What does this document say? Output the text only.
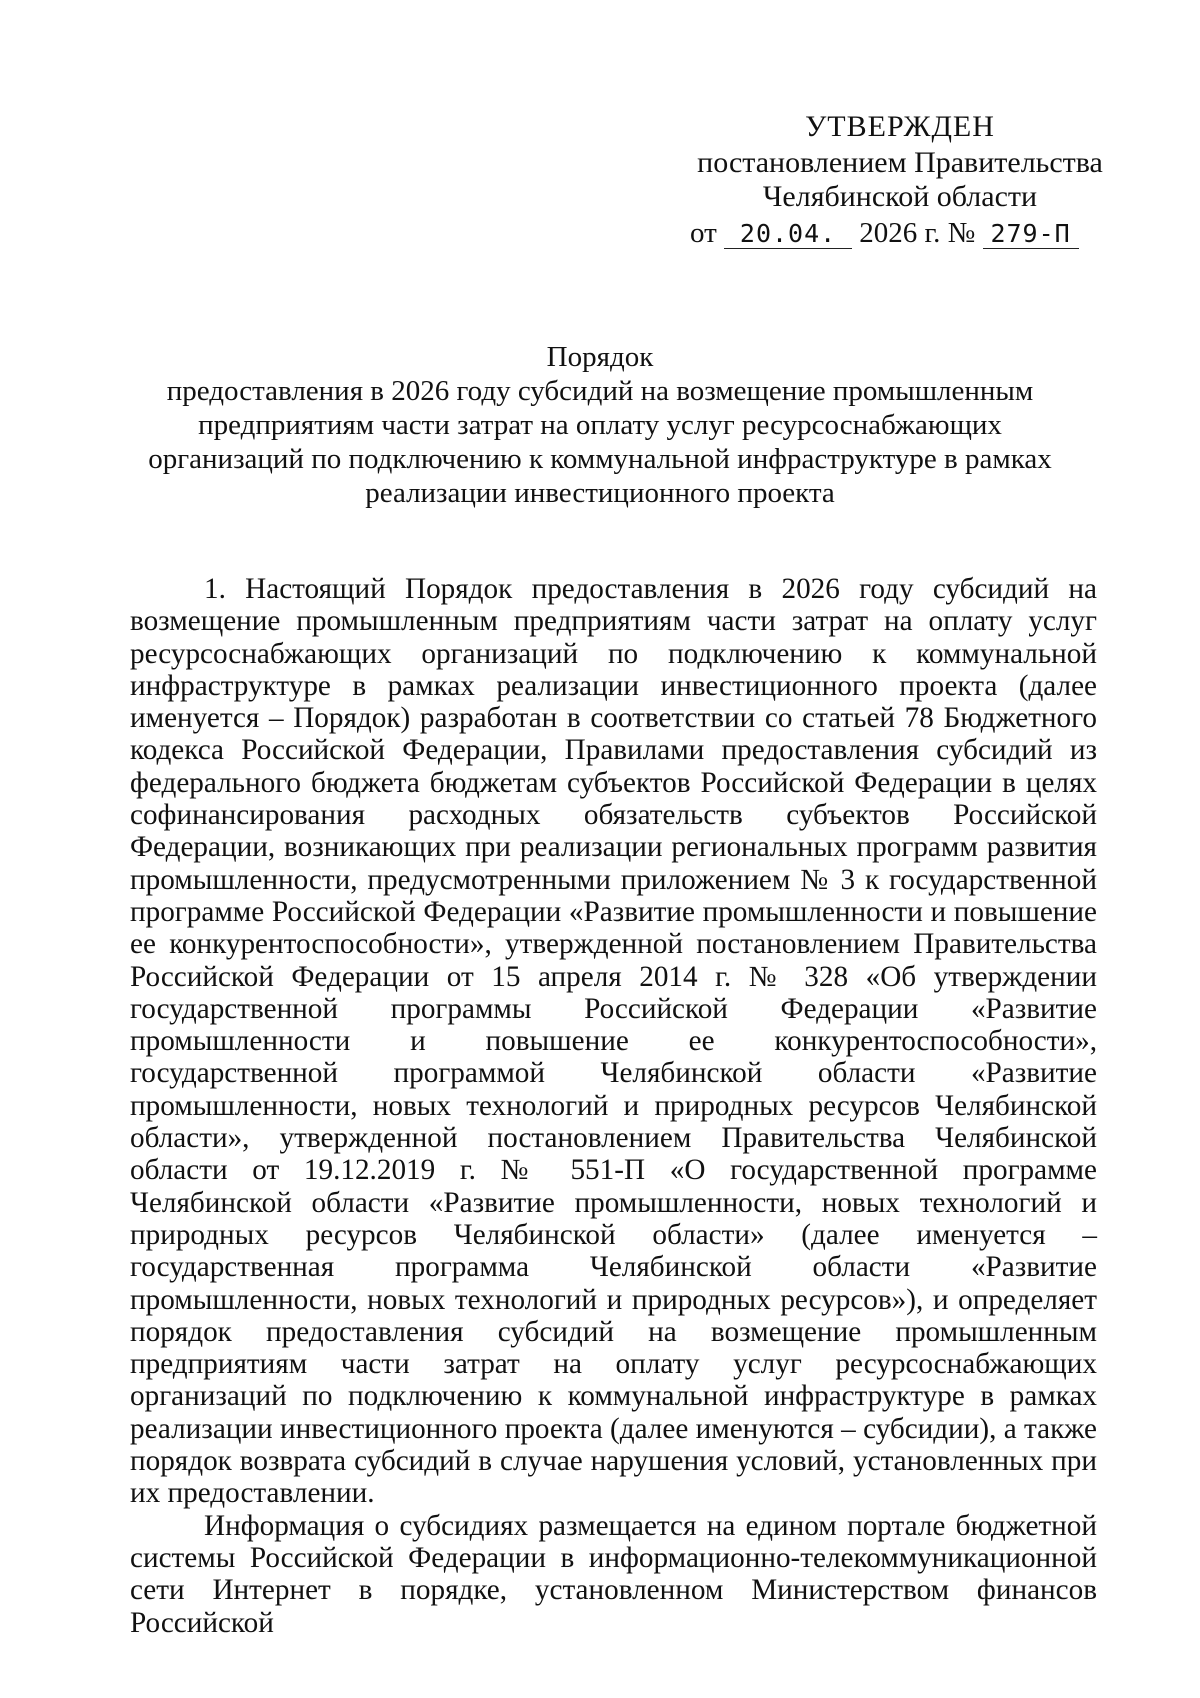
УТВЕРЖДЕН
постановлением Правительства
Челябинской области
от 20.04. 2026 г. № 279-П
Порядок
предоставления в 2026 году субсидий на возмещение промышленным предприятиям части затрат на оплату услуг ресурсоснабжающих организаций по подключению к коммунальной инфраструктуре в рамках реализации инвестиционного проекта

1. Настоящий Порядок предоставления в 2026 году субсидий на возмещение промышленным предприятиям части затрат на оплату услуг ресурсоснабжающих организаций по подключению к коммунальной инфраструктуре в рамках реализации инвестиционного проекта (далее именуется – Порядок) разработан в соответствии со статьей 78 Бюджетного кодекса Российской Федерации, Правилами предоставления субсидий из федерального бюджета бюджетам субъектов Российской Федерации в целях софинансирования расходных обязательств субъектов Российской Федерации, возникающих при реализации региональных программ развития промышленности, предусмотренными приложением № 3 к государственной программе Российской Федерации «Развитие промышленности и повышение ее конкурентоспособности», утвержденной постановлением Правительства Российской Федерации от 15 апреля 2014 г. № 328 «Об утверждении государственной программы Российской Федерации «Развитие промышленности и повышение ее конкурентоспособности», государственной программой Челябинской области «Развитие промышленности, новых технологий и природных ресурсов Челябинской области», утвержденной постановлением Правительства Челябинской области от 19.12.2019 г. № 551-П «О государственной программе Челябинской области «Развитие промышленности, новых технологий и природных ресурсов Челябинской области» (далее именуется – государственная программа Челябинской области «Развитие промышленности, новых технологий и природных ресурсов»), и определяет порядок предоставления субсидий на возмещение промышленным предприятиям части затрат на оплату услуг ресурсоснабжающих организаций по подключению к коммунальной инфраструктуре в рамках реализации инвестиционного проекта (далее именуются – субсидии), а также порядок возврата субсидий в случае нарушения условий, установленных при их предоставлении.

Информация о субсидиях размещается на едином портале бюджетной системы Российской Федерации в информационно-телекоммуникационной сети Интернет в порядке, установленном Министерством финансов Российской
